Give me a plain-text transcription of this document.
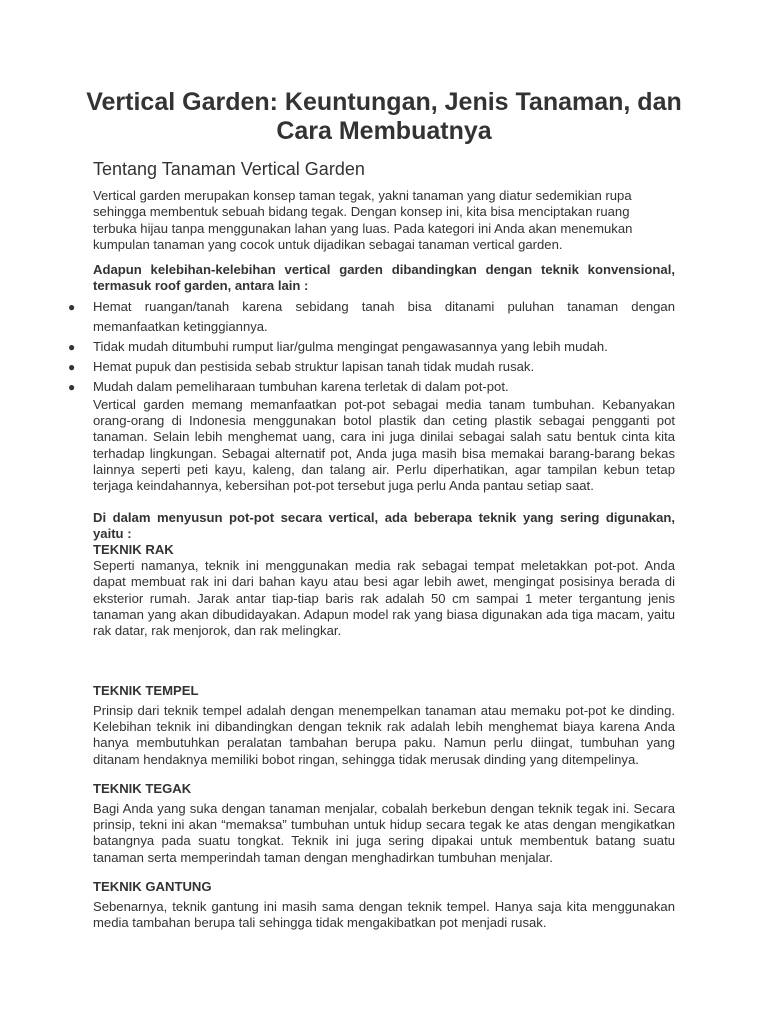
Vertical Garden: Keuntungan, Jenis Tanaman, dan Cara Membuatnya
Tentang Tanaman Vertical Garden
Vertical garden merupakan konsep taman tegak, yakni tanaman yang diatur sedemikian rupa sehingga membentuk sebuah bidang tegak. Dengan konsep ini, kita bisa menciptakan ruang terbuka hijau tanpa menggunakan lahan yang luas. Pada kategori ini Anda akan menemukan kumpulan tanaman yang cocok untuk dijadikan sebagai tanaman vertical garden.
Adapun kelebihan-kelebihan vertical garden dibandingkan dengan teknik konvensional, termasuk roof garden, antara lain :
● Hemat ruangan/tanah karena sebidang tanah bisa ditanami puluhan tanaman dengan memanfaatkan ketinggiannya.
● Tidak mudah ditumbuhi rumput liar/gulma mengingat pengawasannya yang lebih mudah.
● Hemat pupuk dan pestisida sebab struktur lapisan tanah tidak mudah rusak.
● Mudah dalam pemeliharaan tumbuhan karena terletak di dalam pot-pot.
Vertical garden memang memanfaatkan pot-pot sebagai media tanam tumbuhan. Kebanyakan orang-orang di Indonesia menggunakan botol plastik dan ceting plastik sebagai pengganti pot tanaman. Selain lebih menghemat uang, cara ini juga dinilai sebagai salah satu bentuk cinta kita terhadap lingkungan. Sebagai alternatif pot, Anda juga masih bisa memakai barang-barang bekas lainnya seperti peti kayu, kaleng, dan talang air. Perlu diperhatikan, agar tampilan kebun tetap terjaga keindahannya, kebersihan pot-pot tersebut juga perlu Anda pantau setiap saat.
Di dalam menyusun pot-pot secara vertical, ada beberapa teknik yang sering digunakan, yaitu :
TEKNIK RAK
Seperti namanya, teknik ini menggunakan media rak sebagai tempat meletakkan pot-pot. Anda dapat membuat rak ini dari bahan kayu atau besi agar lebih awet, mengingat posisinya berada di eksterior rumah. Jarak antar tiap-tiap baris rak adalah 50 cm sampai 1 meter tergantung jenis tanaman yang akan dibudidayakan. Adapun model rak yang biasa digunakan ada tiga macam, yaitu rak datar, rak menjorok, dan rak melingkar.
TEKNIK TEMPEL
Prinsip dari teknik tempel adalah dengan menempelkan tanaman atau memaku pot-pot ke dinding. Kelebihan teknik ini dibandingkan dengan teknik rak adalah lebih menghemat biaya karena Anda hanya membutuhkan peralatan tambahan berupa paku. Namun perlu diingat, tumbuhan yang ditanam hendaknya memiliki bobot ringan, sehingga tidak merusak dinding yang ditempelinya.
TEKNIK TEGAK
Bagi Anda yang suka dengan tanaman menjalar, cobalah berkebun dengan teknik tegak ini. Secara prinsip, tekni ini akan “memaksa” tumbuhan untuk hidup secara tegak ke atas dengan mengikatkan batangnya pada suatu tongkat. Teknik ini juga sering dipakai untuk membentuk batang suatu tanaman serta memperindah taman dengan menghadirkan tumbuhan menjalar.
TEKNIK GANTUNG
Sebenarnya, teknik gantung ini masih sama dengan teknik tempel. Hanya saja kita menggunakan media tambahan berupa tali sehingga tidak mengakibatkan pot menjadi rusak.
